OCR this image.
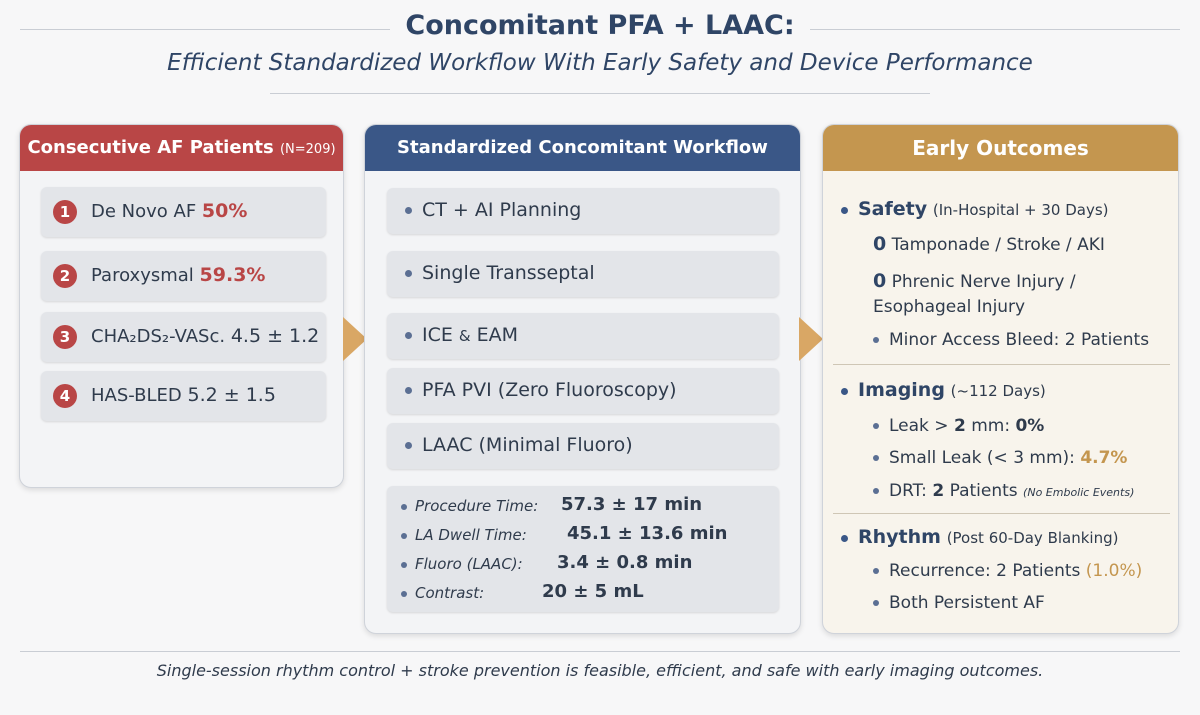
Concomitant PFA + LAAC:
Efficient Standardized Workflow With Early Safety and Device Performance
Consecutive AF Patients (N=209)
1	De Novo AF 50%
2	Paroxysmal 59.3%
3	CHA₂DS₂-VASc. 4.5 ± 1.2
4	HAS-BLED 5.2 ± 1.5
Standardized Concomitant Workflow
CT + AI Planning
Single Transseptal
ICE & EAM
PFA PVI (Zero Fluoroscopy)
LAAC (Minimal Fluoro)
Procedure Time: 57.3 ± 17 min
LA Dwell Time: 45.1 ± 13.6 min
Fluoro (LAAC): 3.4 ± 0.8 min
Contrast:	20 ± 5 mL
Early Outcomes
Safety (In-Hospital + 30 Days)
0 Tamponade / Stroke / AKI
0 Phrenic Nerve Injury /
Esophageal Injury
Minor Access Bleed: 2 Patients
Imaging (~112 Days)
Leak > 2 mm: 0%
Small Leak (< 3 mm): 4.7%
DRT: 2 Patients (No Embolic Events)
Rhythm (Post 60-Day Blanking)
Recurrence: 2 Patients (1.0%)
Both Persistent AF
Single-session rhythm control + stroke prevention is feasible, efficient, and safe with early imaging outcomes.
